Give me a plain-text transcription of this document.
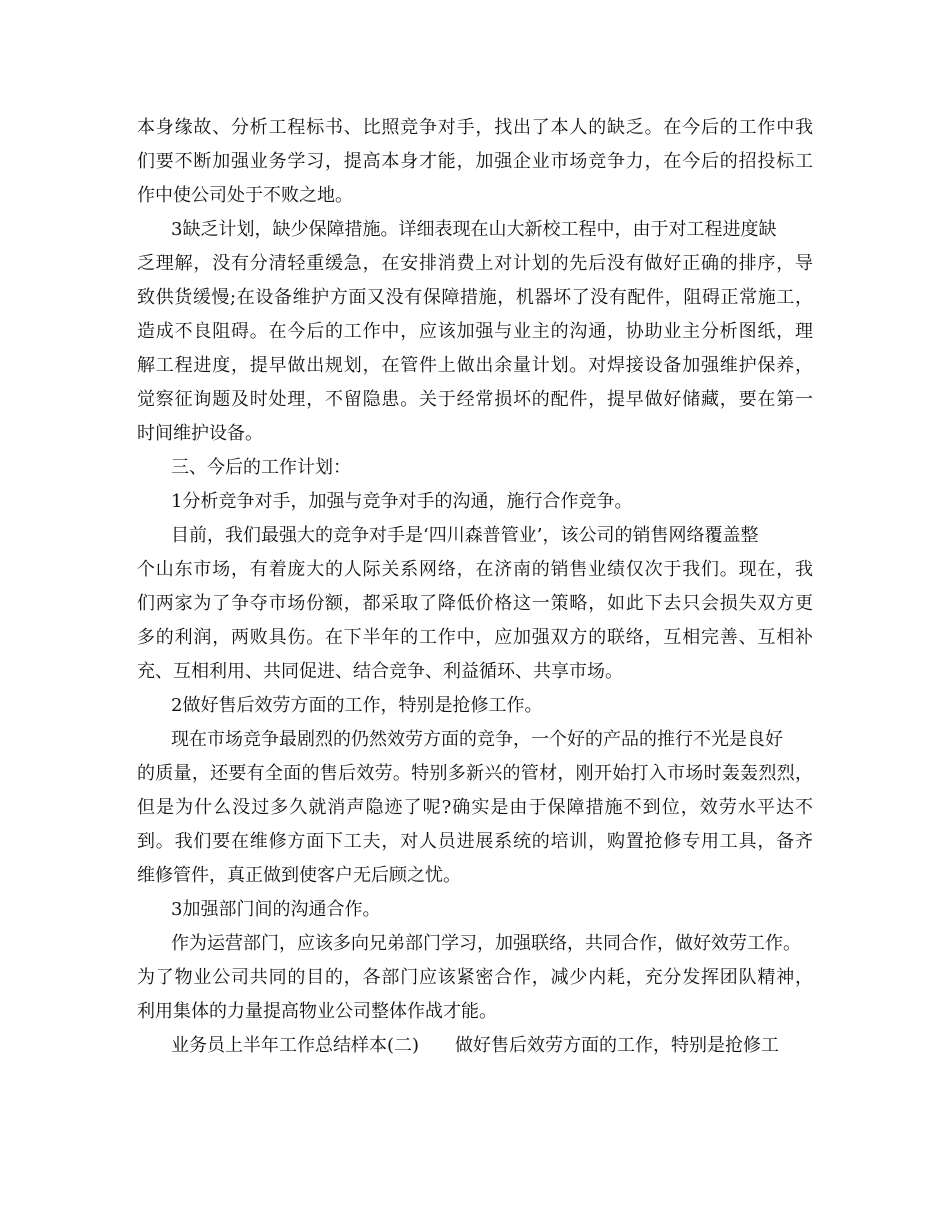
本身缘故、分析工程标书、比照竞争对手，找出了本人的缺乏。在今后的工作中我
们要不断加强业务学习，提高本身才能，加强企业市场竞争力，在今后的招投标工
作中使公司处于不败之地。
3缺乏计划，缺少保障措施。详细表现在山大新校工程中，由于对工程进度缺
乏理解，没有分清轻重缓急，在安排消费上对计划的先后没有做好正确的排序，导
致供货缓慢;在设备维护方面又没有保障措施，机器坏了没有配件，阻碍正常施工，
造成不良阻碍。在今后的工作中，应该加强与业主的沟通，协助业主分析图纸，理
解工程进度，提早做出规划，在管件上做出余量计划。对焊接设备加强维护保养，
觉察征询题及时处理，不留隐患。关于经常损坏的配件，提早做好储藏，要在第一
时间维护设备。
三、今后的工作计划：
1分析竞争对手，加强与竞争对手的沟通，施行合作竞争。
目前，我们最强大的竞争对手是‘四川森普管业’，该公司的销售网络覆盖整
个山东市场，有着庞大的人际关系网络，在济南的销售业绩仅次于我们。现在，我
们两家为了争夺市场份额，都采取了降低价格这一策略，如此下去只会损失双方更
多的利润，两败具伤。在下半年的工作中，应加强双方的联络，互相完善、互相补
充、互相利用、共同促进、结合竞争、利益循环、共享市场。
2做好售后效劳方面的工作，特别是抢修工作。
现在市场竞争最剧烈的仍然效劳方面的竞争，一个好的产品的推行不光是良好
的质量，还要有全面的售后效劳。特别多新兴的管材，刚开始打入市场时轰轰烈烈，
但是为什么没过多久就消声隐迹了呢?确实是由于保障措施不到位，效劳水平达不
到。我们要在维修方面下工夫，对人员进展系统的培训，购置抢修专用工具，备齐
维修管件，真正做到使客户无后顾之忧。
3加强部门间的沟通合作。
作为运营部门，应该多向兄弟部门学习，加强联络，共同合作，做好效劳工作。
为了物业公司共同的目的，各部门应该紧密合作，减少内耗，充分发挥团队精神，
利用集体的力量提高物业公司整体作战才能。
业务员上半年工作总结样本(二)　　做好售后效劳方面的工作，特别是抢修工
